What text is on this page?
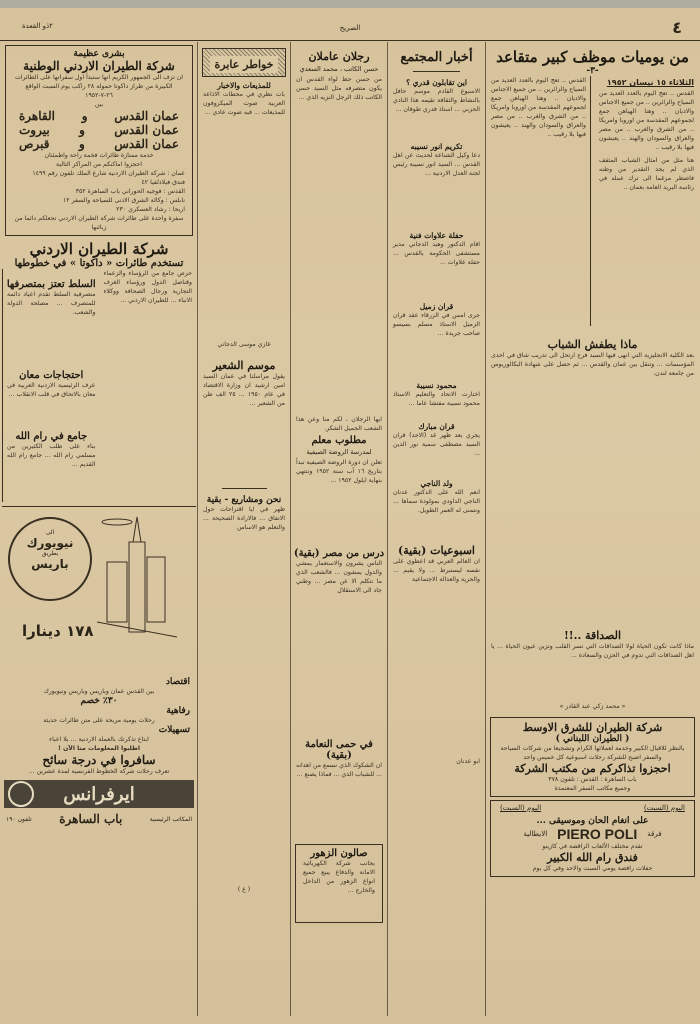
٢ذو القعدة	الصريح	٤
من يوميات موظف كبير متقاعد
-٣-
الثلاثاء ١٥ نيسان ١٩٥٢
القدس .. تعج اليوم بالعدد العديد من السياح والزائرين .. من جميع الاجناس والاديان .. وهنا الهياهن جمع لجموعهم المقدسة من اوروبا وامريكا .. من الشرق والغرب .. من مصر والعراق والسودان والهند .. يعيشون فيها بلا رقيب ..
هنا مثل من امثال الشباب المثقف الذي لم يجد التقدير من وطنه فاضطر مرغما الى ترك عمله في رئاسة البريد العامة بعمان ..
القدس .. تعج اليوم بالعدد العديد من السياح والزائرين .. من جميع الاجناس والاديان .. وهنا الهياهن جمع لجموعهم المقدسة من اوروبا وامريكا .. من الشرق والغرب .. من مصر والعراق والسودان والهند .. يعيشون فيها بلا رقيب ..
ماذا يطفش الشباب
بعد الكلية الانجليزية التي انهى فيها السيد فرج ارتحل الى تدريب شاق في احدى المؤسسات ... وتنقل بين عمان والقدس ... ثم حصل على شهادة البكالوريوس من جامعة لندن.
الصداقة ..!!
ماذا كانت تكون الحياة لولا الصداقات التي تسر القلب وتزين عيون الحياة ... يا اهل الصداقات التي تدوم في الحزن والسعادة ...
« محمد زكي عبد القادر »
شركة الطيران للشرق الاوسط
( الطيران اللبناني )
بالنظر للاقبال الكبير وخدمة لعملائها الكرام وتشجيعا من شركات السياحة والسفر اصبح للشركة رحلات اسبوعية كل خميس واحد
احجزوا تذاكركم من مكتب الشركة
باب الساهرة : القدس : تلفون ٣٧٨
وجميع مكاتب السفر المعتمدة
اليوم (السبت)
اليوم (السبت)
على انغام الحان وموسيقى ...
فرقة
PIERO POLI
الايطالية
تقدم مختلف الألعاب الراقصة في كازينو
فندق رام الله الكبير
حفلات راقصة يومي السبت والاحد وفي كل يوم
أخبار المجتمع
اين تقابلون قدري ؟
الاسبوع القادم موسم حافل بالنشاط والثقافة تقيمه هذا النادي الحزبي ... استاذ قدري طوقان ...
تكريم انور نسيبه
دعا وكيل الشناعة لحديث عن اهل القدس ... السيد انور نسيبة رئيس لجنة العدل الاردنية ...
حفلة علاوات فنية
اقام الدكتور وهيد الدجاني مدير مستشفى الحكومة بالقدس ... حفلة علاوات ...
قران زميل
جرى امس في الزرقاء عقد قران الزميل الاستاذ مسلم بسيسو صاحب جريدة ...
محمود نسيبة
اختارت الاتحاد والتعليم الاستاذ محمود نسيبة مفتشا عاما ...
قران مبارك
يجري بعد ظهر غد (الاحد) قران السيد مصطفى سمية نور الدين ...
ولد الناجي
انعم الله على الدكتور عدنان الناجي الداودي بمولودة سماها ... ونتمنى له العمر الطويل.
اسبوعيات (بقية)
ان العالم العربي قد اعطوي على نفسه ليستبرط ... ولا يقيم ... والحرية والعدالة الاجتماعية
ابو عدنان
رجلان عاملان
حسن الكاتب ، محمد السعدي
من حسن حظ لواء القدس ان يكون متصرفه مثل السيد حسن الكاتب ذلك الرجل النزيه الذي ...
ايها الرجلان ، لكم منا وعن هذا الشعب الجميل الشكر.
مطلوب معلم
لمدرسة الروضة الصيفية
تعلن ان دورة الروضة الصيفية تبدأ بتاريخ ١٦ آب سنة ١٩٥٢ وتنتهي بنهاية ايلول ١٩٥٢ ...
درس من مصر (بقية)
الناس يشرون والاستعمار يمشي والدول يمشون ... فالشعب الذي ما نتكلم الا عن مصر ... وطني جاد الى الاستقلال
في حمى النعامة (بقية)
ان الشكوك الذي نسمع من اهدانه ... للشباب الذي ... فماذا يصنع ...
صالون الزهور
بجانب شركة الكهربائية الامانة والدفاع يبيع جميع انواع الزهور من الداخل والخارج ...
خواطر عابرة
للمذيعات والاخبار
بات نظري في محطات الاذاعة العربية صوت الميكروفون للمذيعات ... فيه صوت عادي ...
غازي موسى الدجاني
موسم الشعير
يقول مراسلنا في عمان السيد امين ارشيد ان وزارة الاقتصاد في عام ١٩٥٠ ... ٢٥ الف طن من الشعير ...
نحن ومشاريع - بقية
ظهر في ايا اقتراحات حول الاتفاق ... فالارادة الصحيحة ... والتعلم هو الاساس
( ع )
بشرى عظيمة
شركة الطيران الاردني الوطنية
ان تزف الى الجمهور الكريم انها ستبدأ اول سفراتها على الطائرات الكبيرة من طراز داكوتا حمولة ٢٨ راكب يوم السبت الواقع ٢٦-٧-١٩٥٢
بين
عمان القدس
و
القاهرة
عمان القدس
و
بيروت
عمان القدس
و
قبرص
خدمة ممتازة طائرات فخمة راحة واطمئنان
احجزوا اماكنكم من المراكز التالية
عمان : شركة الطيران الاردنية شارع الملك تلفون رقم ١٤٩٩
فندق فيلادلفيا ٤٢
القدس : فوجيه الحوراني باب الساهرة ٣٥٢
نابلس : وكالة الشرق الادنى للسياحة والسفر ١٢
اريحا : رشاد العسكري ٢٣٠
سفرة واحدة على طائرات شركة الطيران الاردني تجعلكم دائما من زبائنها
شركة الطيران الاردني
تستخدم طائرات « داكوتا » في خطوطها
حرص جامع من الرؤساء والزعماء وقناصل الدول ورؤساء الغرف التجارية ورجال الصحافة ووكلاء الانباء ... للطيران الاردني ...
السلط تعتز بمتصرفها
متصرفية السلط تقدم اعياد دائمة للمتصرف ... مصلحة الدولة والشعب.
احتجاجات معان
عرف الرئيسية الاردنية العربية في معان بالاتحاق في قلب الانقلاب ...
جامع في رام الله
بناء على طلب الكثيرين من مسلمي رام الله ... جامع رام الله القديم ...
الى
نيويورك
بطريق
باريس
١٧٨ دينارا
اقتصاد
بين القدس عمان وباريس وباريس ونيويورك
٣٠٪ خصم
رفاهية
رحلات يومية مريحة على متن طائرات حديثة
تسهيلات
ابتاع تذكرتك بالعملة الاردنية ... بلا اعباء
اطلبوا المعلومات منا الآن !
سافروا في درجة سائح
تعرف رحلات شركة الخطوط الفرنسية لمدة عشرين ...
ايرفرانس
المكاتب الرئيسية
باب الساهرة
تلفون ١٩٠
